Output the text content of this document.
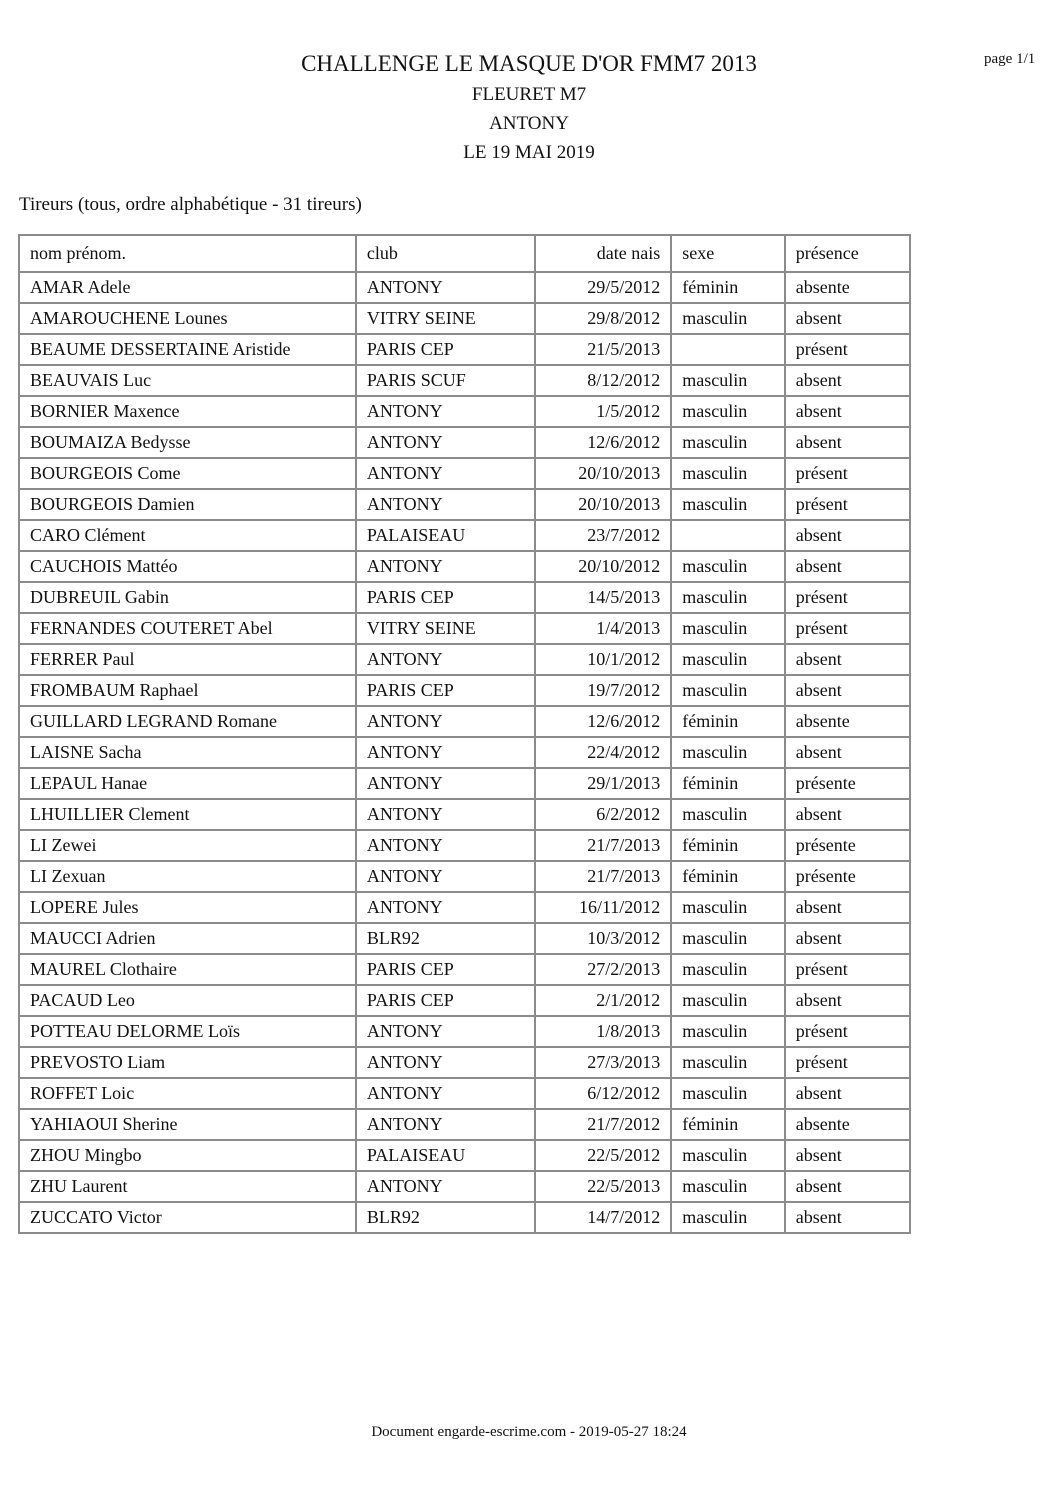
CHALLENGE LE MASQUE D'OR FMM7 2013
FLEURET M7
ANTONY
LE 19 MAI 2019
page 1/1
Tireurs (tous, ordre alphabétique - 31 tireurs)
nom prénom.	club	date nais	sexe	présence
AMAR Adele	ANTONY	29/5/2012	féminin	absente
AMAROUCHENE Lounes	VITRY SEINE	29/8/2012	masculin	absent
BEAUME DESSERTAINE Aristide	PARIS CEP	21/5/2013		présent
BEAUVAIS Luc	PARIS SCUF	8/12/2012	masculin	absent
BORNIER Maxence	ANTONY	1/5/2012	masculin	absent
BOUMAIZA Bedysse	ANTONY	12/6/2012	masculin	absent
BOURGEOIS Come	ANTONY	20/10/2013	masculin	présent
BOURGEOIS Damien	ANTONY	20/10/2013	masculin	présent
CARO Clément	PALAISEAU	23/7/2012		absent
CAUCHOIS Mattéo	ANTONY	20/10/2012	masculin	absent
DUBREUIL Gabin	PARIS CEP	14/5/2013	masculin	présent
FERNANDES COUTERET Abel	VITRY SEINE	1/4/2013	masculin	présent
FERRER Paul	ANTONY	10/1/2012	masculin	absent
FROMBAUM Raphael	PARIS CEP	19/7/2012	masculin	absent
GUILLARD LEGRAND Romane	ANTONY	12/6/2012	féminin	absente
LAISNE Sacha	ANTONY	22/4/2012	masculin	absent
LEPAUL Hanae	ANTONY	29/1/2013	féminin	présente
LHUILLIER Clement	ANTONY	6/2/2012	masculin	absent
LI Zewei	ANTONY	21/7/2013	féminin	présente
LI Zexuan	ANTONY	21/7/2013	féminin	présente
LOPERE Jules	ANTONY	16/11/2012	masculin	absent
MAUCCI Adrien	BLR92	10/3/2012	masculin	absent
MAUREL Clothaire	PARIS CEP	27/2/2013	masculin	présent
PACAUD Leo	PARIS CEP	2/1/2012	masculin	absent
POTTEAU DELORME Loïs	ANTONY	1/8/2013	masculin	présent
PREVOSTO Liam	ANTONY	27/3/2013	masculin	présent
ROFFET Loic	ANTONY	6/12/2012	masculin	absent
YAHIAOUI Sherine	ANTONY	21/7/2012	féminin	absente
ZHOU Mingbo	PALAISEAU	22/5/2012	masculin	absent
ZHU Laurent	ANTONY	22/5/2013	masculin	absent
ZUCCATO Victor	BLR92	14/7/2012	masculin	absent
Document engarde-escrime.com - 2019-05-27 18:24
